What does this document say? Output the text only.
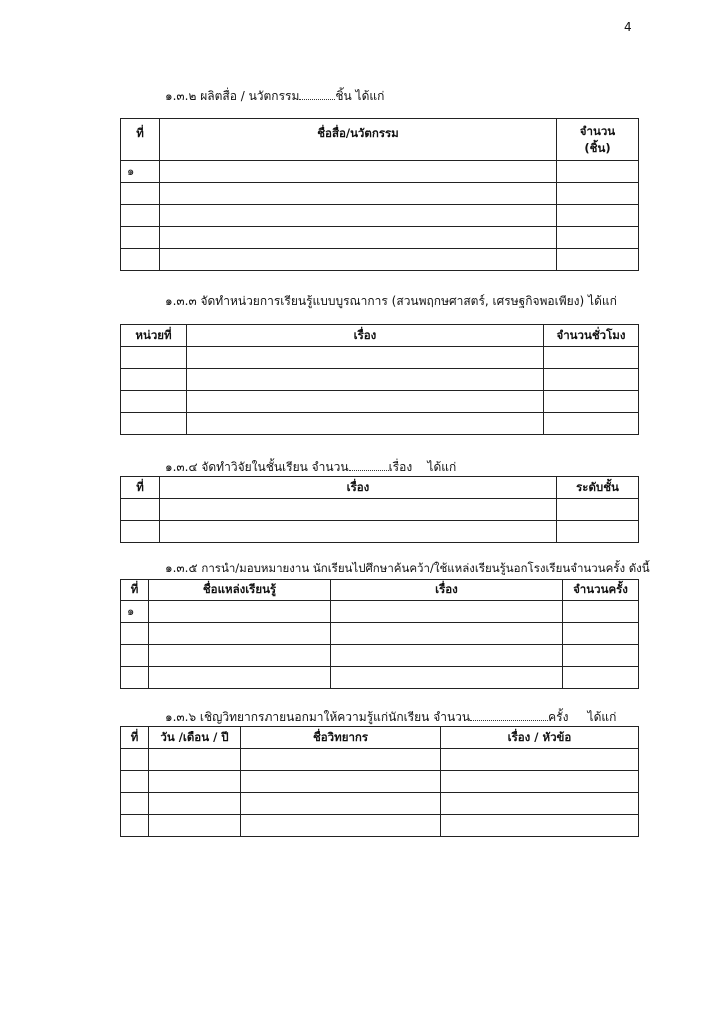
4
๑.๓.๒ ผลิตสื่อ / นวัตกรรม	ชิ้น ได้แก่
ที่	ชื่อสื่อ/นวัตกรรม	จำนวน
(ชิ้น)
๑		

๑.๓.๓ จัดทำหน่วยการเรียนรู้แบบบูรณาการ (สวนพฤกษศาสตร์, เศรษฐกิจพอเพียง) ได้แก่
หน่วยที่	เรื่อง	จำนวนชั่วโมง

๑.๓.๔ จัดทำวิจัยในชั้นเรียน จำนวน	เรื่อง    ได้แก่
ที่	เรื่อง	ระดับชั้น

๑.๓.๕ การนำ/มอบหมายงาน นักเรียนไปศึกษาค้นคว้า/ใช้แหล่งเรียนรู้นอกโรงเรียนจำนวนครั้ง ดังนี้
ที่	ชื่อแหล่งเรียนรู้	เรื่อง	จำนวนครั้ง
๑			

๑.๓.๖ เชิญวิทยากรภายนอกมาให้ความรู้แก่นักเรียน จำนวน	ครั้ง     ได้แก่
ที่	วัน /เดือน / ปี	ชื่อวิทยากร	เรื่อง / หัวข้อ
